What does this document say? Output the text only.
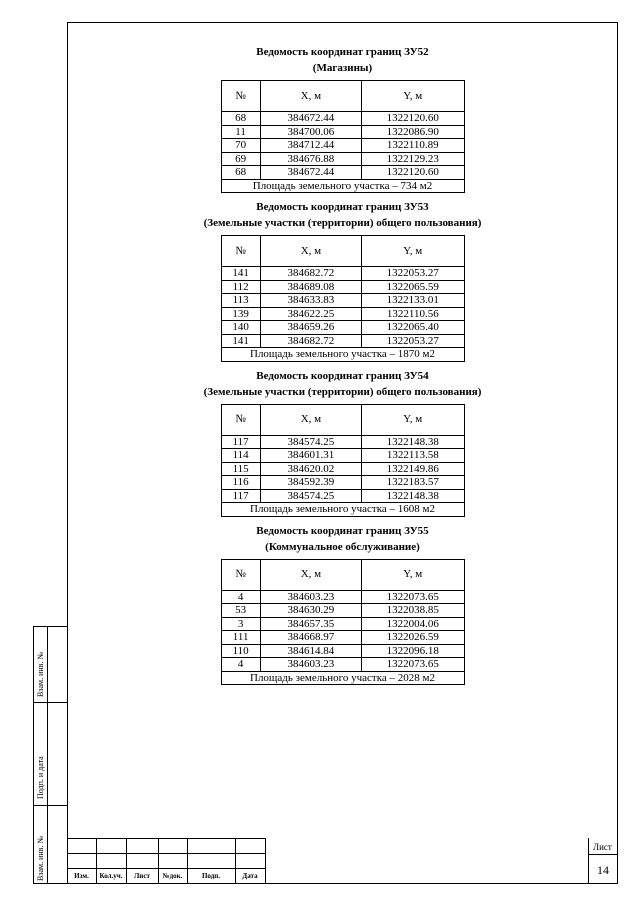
Ведомость координат границ ЗУ52
(Магазины)
№	X, м	Y, м
68	384672.44	1322120.60
11	384700.06	1322086.90
70	384712.44	1322110.89
69	384676.88	1322129.23
68	384672.44	1322120.60
Площадь земельного участка – 734 м2		
Ведомость координат границ ЗУ53
(Земельные участки (территории) общего пользования)
№	X, м	Y, м
141	384682.72	1322053.27
112	384689.08	1322065.59
113	384633.83	1322133.01
139	384622.25	1322110.56
140	384659.26	1322065.40
141	384682.72	1322053.27
Площадь земельного участка – 1870 м2		
Ведомость координат границ ЗУ54
(Земельные участки (территории) общего пользования)
№	X, м	Y, м
117	384574.25	1322148.38
114	384601.31	1322113.58
115	384620.02	1322149.86
116	384592.39	1322183.57
117	384574.25	1322148.38
Площадь земельного участка – 1608 м2		
Ведомость координат границ ЗУ55
(Коммунальное обслуживание)
№	X, м	Y, м
4	384603.23	1322073.65
53	384630.29	1322038.85
3	384657.35	1322004.06
111	384668.97	1322026.59
110	384614.84	1322096.18
4	384603.23	1322073.65
Площадь земельного участка – 2028 м2		
Взам. инв. №
Подп. и дата
Взам. инв. №	Изм.	Кол.уч.	Лист	№док.	Подп.	Дата
Лист
14
